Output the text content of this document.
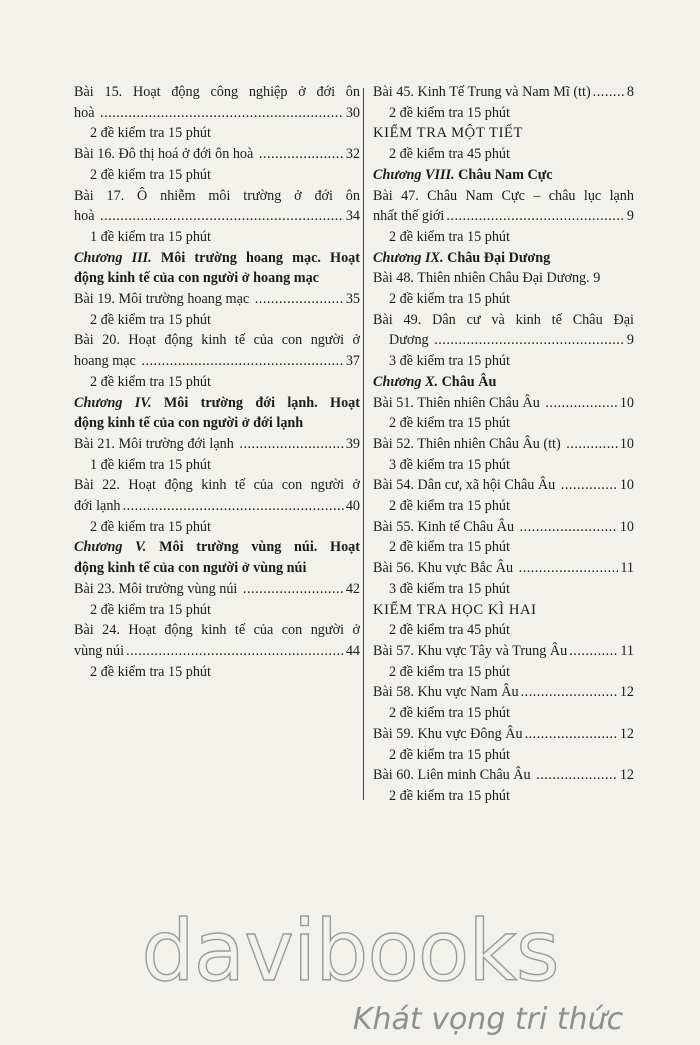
Bài 15. Hoạt động công nghiệp ở đới ôn
hoà .....	30
2 đề kiểm tra 15 phút
Bài 16. Đô thị hoá ở đới ôn hoà .....	32
2 đề kiểm tra 15 phút
Bài 17. Ô nhiễm môi trường ở đới ôn
hoà .....	34
1 đề kiểm tra 15 phút
Chương III. Môi trường hoang mạc. Hoạt
động kinh tế của con người ở hoang mạc
Bài 19. Môi trường hoang mạc .....	35
2 đề kiểm tra 15 phút
Bài 20. Hoạt động kinh tế của con người ở
hoang mạc .....	37
2 đề kiểm tra 15 phút
Chương IV. Môi trường đới lạnh. Hoạt
động kinh tế của con người ở đới lạnh
Bài 21. Môi trường đới lạnh .....	39
1 đề kiểm tra 15 phút
Bài 22. Hoạt động kinh tế của con người ở
đới lạnh .....	40
2 đề kiểm tra 15 phút
Chương V. Môi trường vùng núi. Hoạt
động kinh tế của con người ở vùng núi
Bài 23. Môi trường vùng núi .....	42
2 đề kiểm tra 15 phút
Bài 24. Hoạt động kinh tế của con người ở
vùng núi .....	44
2 đề kiểm tra 15 phút
Bài 45. Kinh Tế Trung và Nam Mĩ (tt) .....	8
2 đề kiểm tra 15 phút
KIỂM TRA MỘT TIẾT
2 đề kiểm tra 45 phút
Chương VIII. Châu Nam Cực
Bài 47. Châu Nam Cực – châu lục lạnh
nhất thế giới .....	9
2 đề kiểm tra 15 phút
Chương IX. Châu Đại Dương
Bài 48. Thiên nhiên Châu Đại Dương. 9
2 đề kiểm tra 15 phút
Bài 49. Dân cư và kinh tế Châu Đại
Dương .....	9
3 đề kiểm tra 15 phút
Chương X. Châu Âu
Bài 51. Thiên nhiên Châu Âu .....	10
2 đề kiểm tra 15 phút
Bài 52. Thiên nhiên Châu Âu (tt) .....	10
3 đề kiểm tra 15 phút
Bài 54. Dân cư, xã hội Châu Âu .....	10
2 đề kiểm tra 15 phút
Bài 55. Kinh tế Châu Âu .....	10
2 đề kiểm tra 15 phút
Bài 56. Khu vực Bắc Âu .....	11
3 đề kiểm tra 15 phút
KIỂM TRA HỌC KÌ HAI
2 đề kiểm tra 45 phút
Bài 57. Khu vực Tây và Trung Âu .....	11
2 đề kiểm tra 15 phút
Bài 58. Khu vực Nam Âu .....	12
2 đề kiểm tra 15 phút
Bài 59. Khu vực Đông Âu .....	12
2 đề kiểm tra 15 phút
Bài 60. Liên minh Châu Âu .....	12
2 đề kiểm tra 15 phút
davibooks
Khát vọng tri thức
